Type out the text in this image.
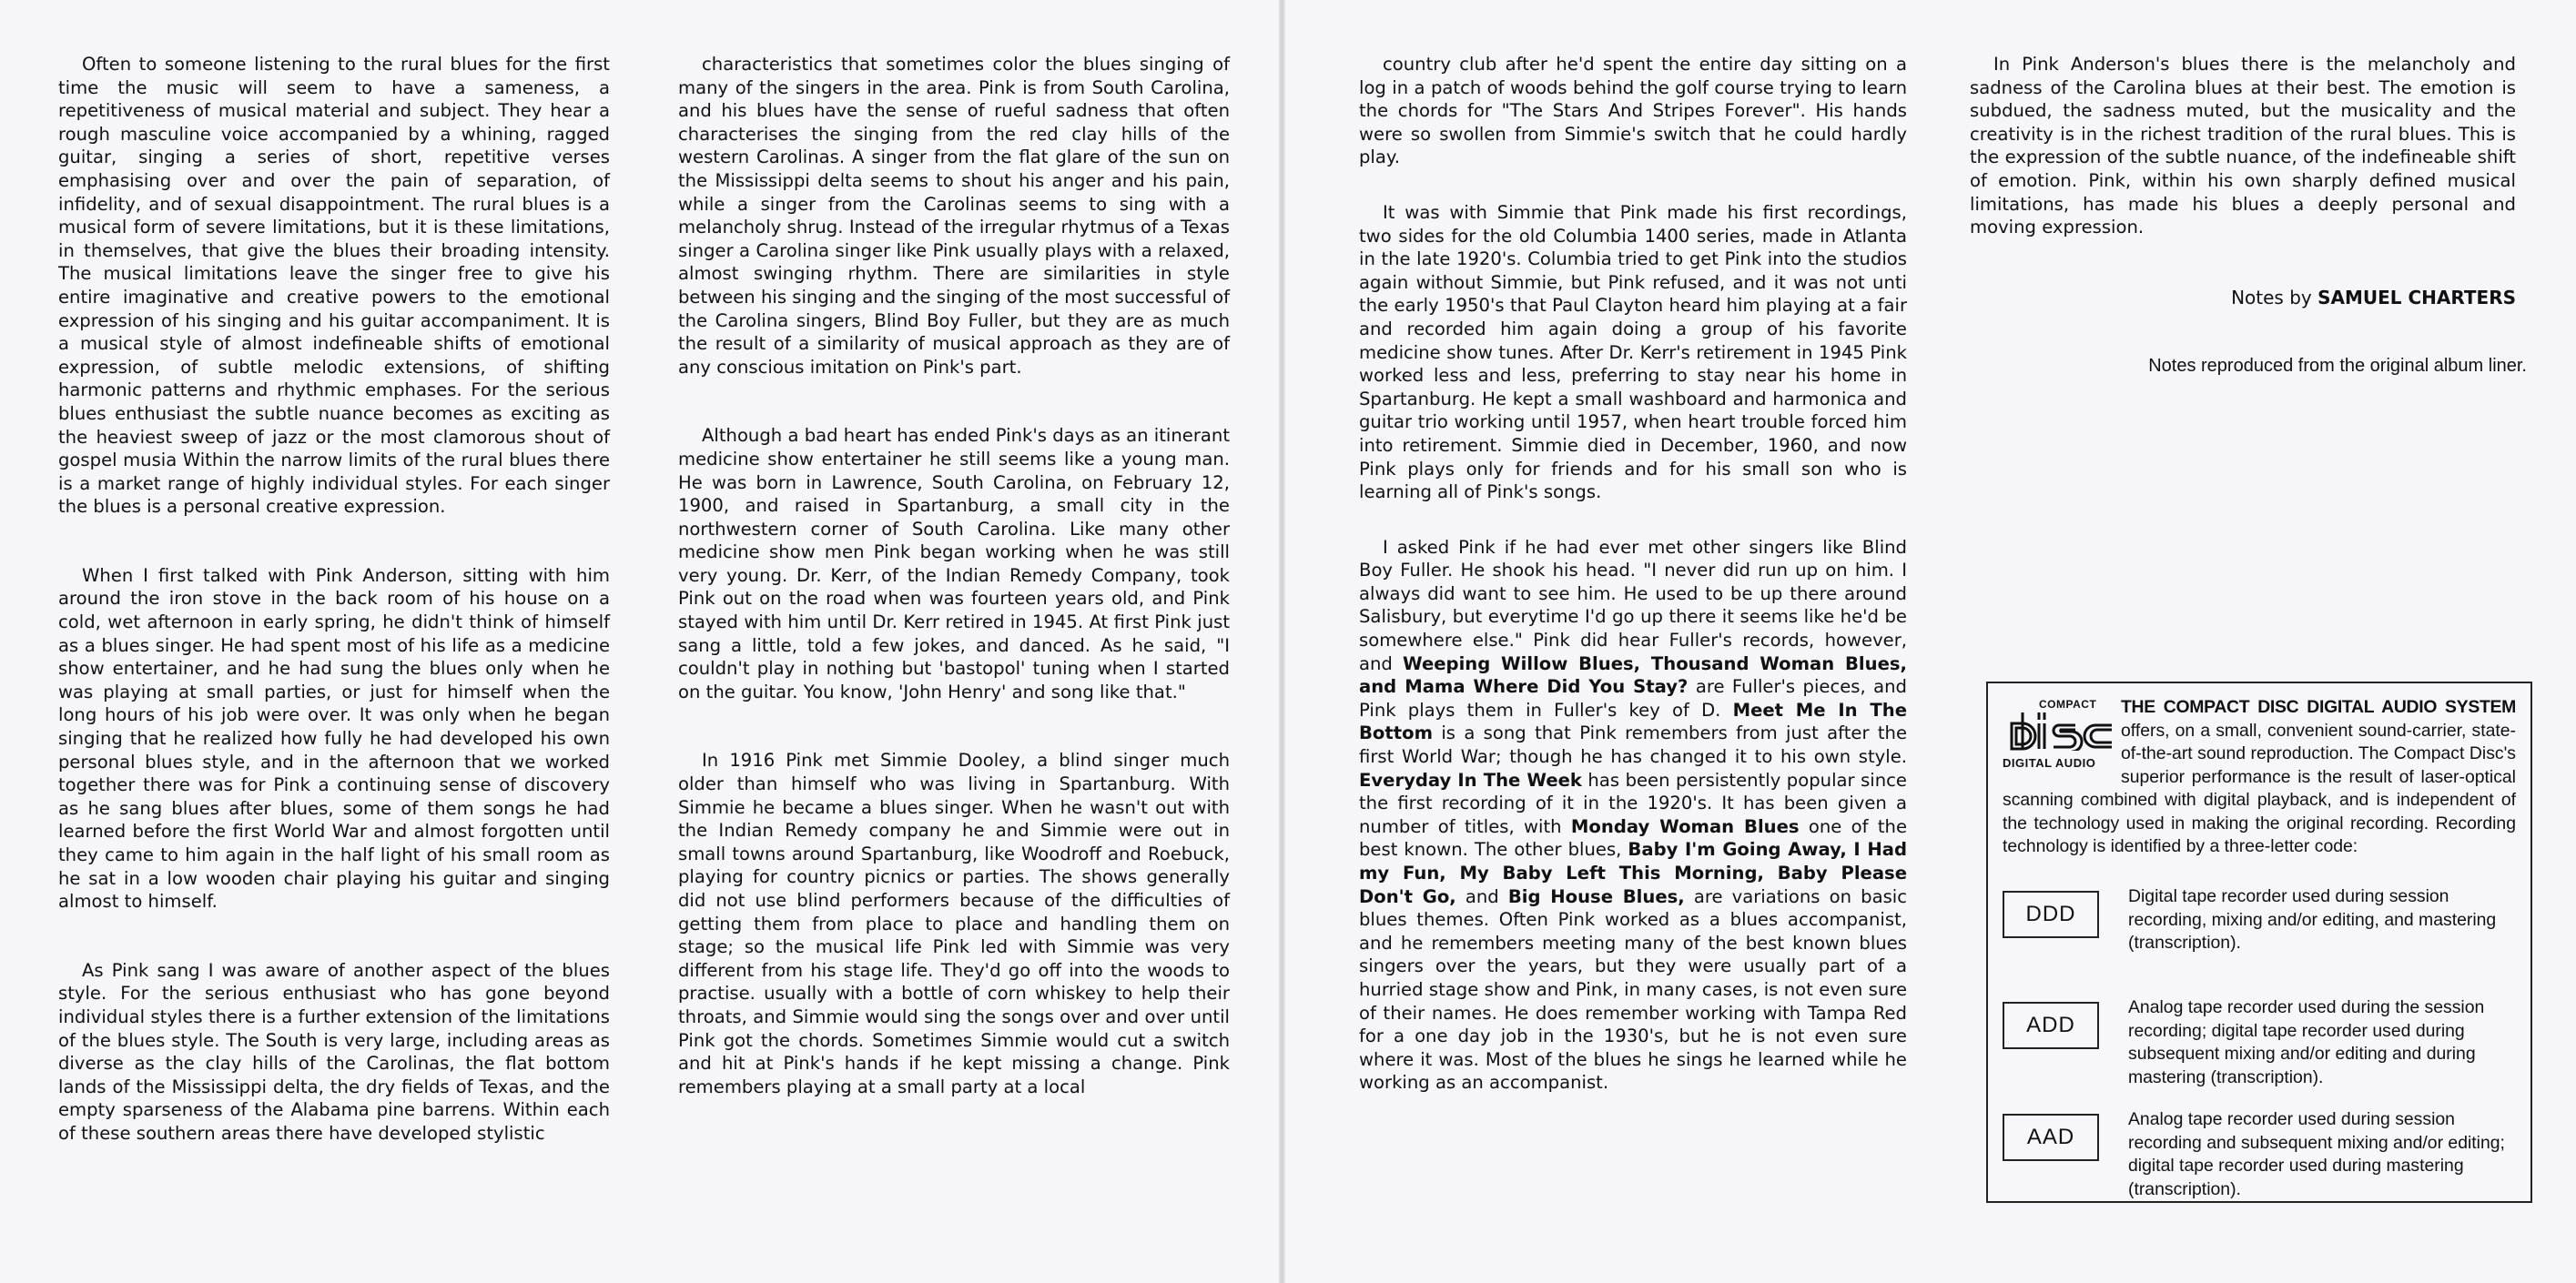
Often to someone listening to the rural blues for the first time the music will seem to have a sameness, a repetitiveness of musical material and subject. They hear a rough masculine voice accompanied by a whining, ragged guitar, singing a series of short, repetitive verses emphasising over and over the pain of separation, of infidelity, and of sexual disappointment. The rural blues is a musical form of severe limitations, but it is these limitations, in themselves, that give the blues their broading intensity. The musical limitations leave the singer free to give his entire imaginative and creative powers to the emotional expression of his singing and his guitar accompaniment. It is a musical style of almost indefineable shifts of emotional expression, of subtle melodic extensions, of shifting harmonic patterns and rhythmic emphases. For the serious blues enthusiast the subtle nuance becomes as exciting as the heaviest sweep of jazz or the most clamorous shout of gospel musia Within the narrow limits of the rural blues there is a market range of highly individual styles. For each singer the blues is a personal creative expression.

When I first talked with Pink Anderson, sitting with him around the iron stove in the back room of his house on a cold, wet afternoon in early spring, he didn't think of himself as a blues singer. He had spent most of his life as a medicine show entertainer, and he had sung the blues only when he was playing at small parties, or just for himself when the long hours of his job were over. It was only when he began singing that he realized how fully he had developed his own personal blues style, and in the afternoon that we worked together there was for Pink a continuing sense of discovery as he sang blues after blues, some of them songs he had learned before the first World War and almost forgotten until they came to him again in the half light of his small room as he sat in a low wooden chair playing his guitar and singing almost to himself.

As Pink sang I was aware of another aspect of the blues style. For the serious enthusiast who has gone beyond individual styles there is a further extension of the limitations of the blues style. The South is very large, including areas as diverse as the clay hills of the Carolinas, the flat bottom lands of the Mississippi delta, the dry fields of Texas, and the empty sparseness of the Alabama pine barrens. Within each of these southern areas there have developed stylistic

characteristics that sometimes color the blues singing of many of the singers in the area. Pink is from South Carolina, and his blues have the sense of rueful sadness that often characterises the singing from the red clay hills of the western Carolinas. A singer from the flat glare of the sun on the Mississippi delta seems to shout his anger and his pain, while a singer from the Carolinas seems to sing with a melancholy shrug. Instead of the irregular rhytmus of a Texas singer a Carolina singer like Pink usually plays with a relaxed, almost swinging rhythm. There are similarities in style between his singing and the singing of the most successful of the Carolina singers, Blind Boy Fuller, but they are as much the result of a similarity of musical approach as they are of any conscious imitation on Pink's part.

Although a bad heart has ended Pink's days as an itinerant medicine show entertainer he still seems like a young man. He was born in Lawrence, South Carolina, on February 12, 1900, and raised in Spartanburg, a small city in the northwestern corner of South Carolina. Like many other medicine show men Pink began working when he was still very young. Dr. Kerr, of the Indian Remedy Company, took Pink out on the road when was fourteen years old, and Pink stayed with him until Dr. Kerr retired in 1945. At first Pink just sang a little, told a few jokes, and danced. As he said, "I couldn't play in nothing but 'bastopol' tuning when I started on the guitar. You know, 'John Henry' and song like that."

In 1916 Pink met Simmie Dooley, a blind singer much older than himself who was living in Spartanburg. With Simmie he became a blues singer. When he wasn't out with the Indian Remedy company he and Simmie were out in small towns around Spartanburg, like Woodroff and Roebuck, playing for country picnics or parties. The shows generally did not use blind performers because of the difficulties of getting them from place to place and handling them on stage; so the musical life Pink led with Simmie was very different from his stage life. They'd go off into the woods to practise. usually with a bottle of corn whiskey to help their throats, and Simmie would sing the songs over and over until Pink got the chords. Sometimes Simmie would cut a switch and hit at Pink's hands if he kept missing a change. Pink remembers playing at a small party at a local

country club after he'd spent the entire day sitting on a log in a patch of woods behind the golf course trying to learn the chords for "The Stars And Stripes Forever". His hands were so swollen from Simmie's switch that he could hardly play.

It was with Simmie that Pink made his first recordings, two sides for the old Columbia 1400 series, made in Atlanta in the late 1920's. Columbia tried to get Pink into the studios again without Simmie, but Pink refused, and it was not unti the early 1950's that Paul Clayton heard him playing at a fair and recorded him again doing a group of his favorite medicine show tunes. After Dr. Kerr's retirement in 1945 Pink worked less and less, preferring to stay near his home in Spartanburg. He kept a small washboard and harmonica and guitar trio working until 1957, when heart trouble forced him into retirement. Simmie died in December, 1960, and now Pink plays only for friends and for his small son who is learning all of Pink's songs.

I asked Pink if he had ever met other singers like Blind Boy Fuller. He shook his head. "I never did run up on him. I always did want to see him. He used to be up there around Salisbury, but everytime I'd go up there it seems like he'd be somewhere else." Pink did hear Fuller's records, however, and Weeping Willow Blues, Thousand Woman Blues, and Mama Where Did You Stay? are Fuller's pieces, and Pink plays them in Fuller's key of D. Meet Me In The Bottom is a song that Pink remembers from just after the first World War; though he has changed it to his own style. Everyday In The Week has been persistently popular since the first recording of it in the 1920's. It has been given a number of titles, with Monday Woman Blues one of the best known. The other blues, Baby I'm Going Away, I Had my Fun, My Baby Left This Morning, Baby Please Don't Go, and Big House Blues, are variations on basic blues themes. Often Pink worked as a blues accompanist, and he remembers meeting many of the best known blues singers over the years, but they were usually part of a hurried stage show and Pink, in many cases, is not even sure of their names. He does remember working with Tampa Red for a one day job in the 1930's, but he is not even sure where it was. Most of the blues he sings he learned while he working as an accompanist.

In Pink Anderson's blues there is the melancholy and sadness of the Carolina blues at their best. The emotion is subdued, the sadness muted, but the musicality and the creativity is in the richest tradition of the rural blues. This is the expression of the subtle nuance, of the indefineable shift of emotion. Pink, within his own sharply defined musical limitations, has made his blues a deeply personal and moving expression.

Notes by SAMUEL CHARTERS
Notes reproduced from the original album liner.
THE COMPACT DISC DIGITAL AUDIO SYSTEM offers, on a small, convenient sound-carrier, state-of-the-art sound reproduction. The Compact Disc's superior performance is the result of laser-optical scanning combined with digital playback, and is independent of the technology used in making the original recording. Recording technology is identified by a three-letter code:
COMPACT
DIGITAL AUDIO
DDD
Digital tape recorder used during session recording, mixing and/or editing, and mastering (transcription).
ADD
Analog tape recorder used during the session recording; digital tape recorder used during subsequent mixing and/or editing and during mastering (transcription).
AAD
Analog tape recorder used during session recording and subsequent mixing and/or editing; digital tape recorder used during mastering (transcription).
